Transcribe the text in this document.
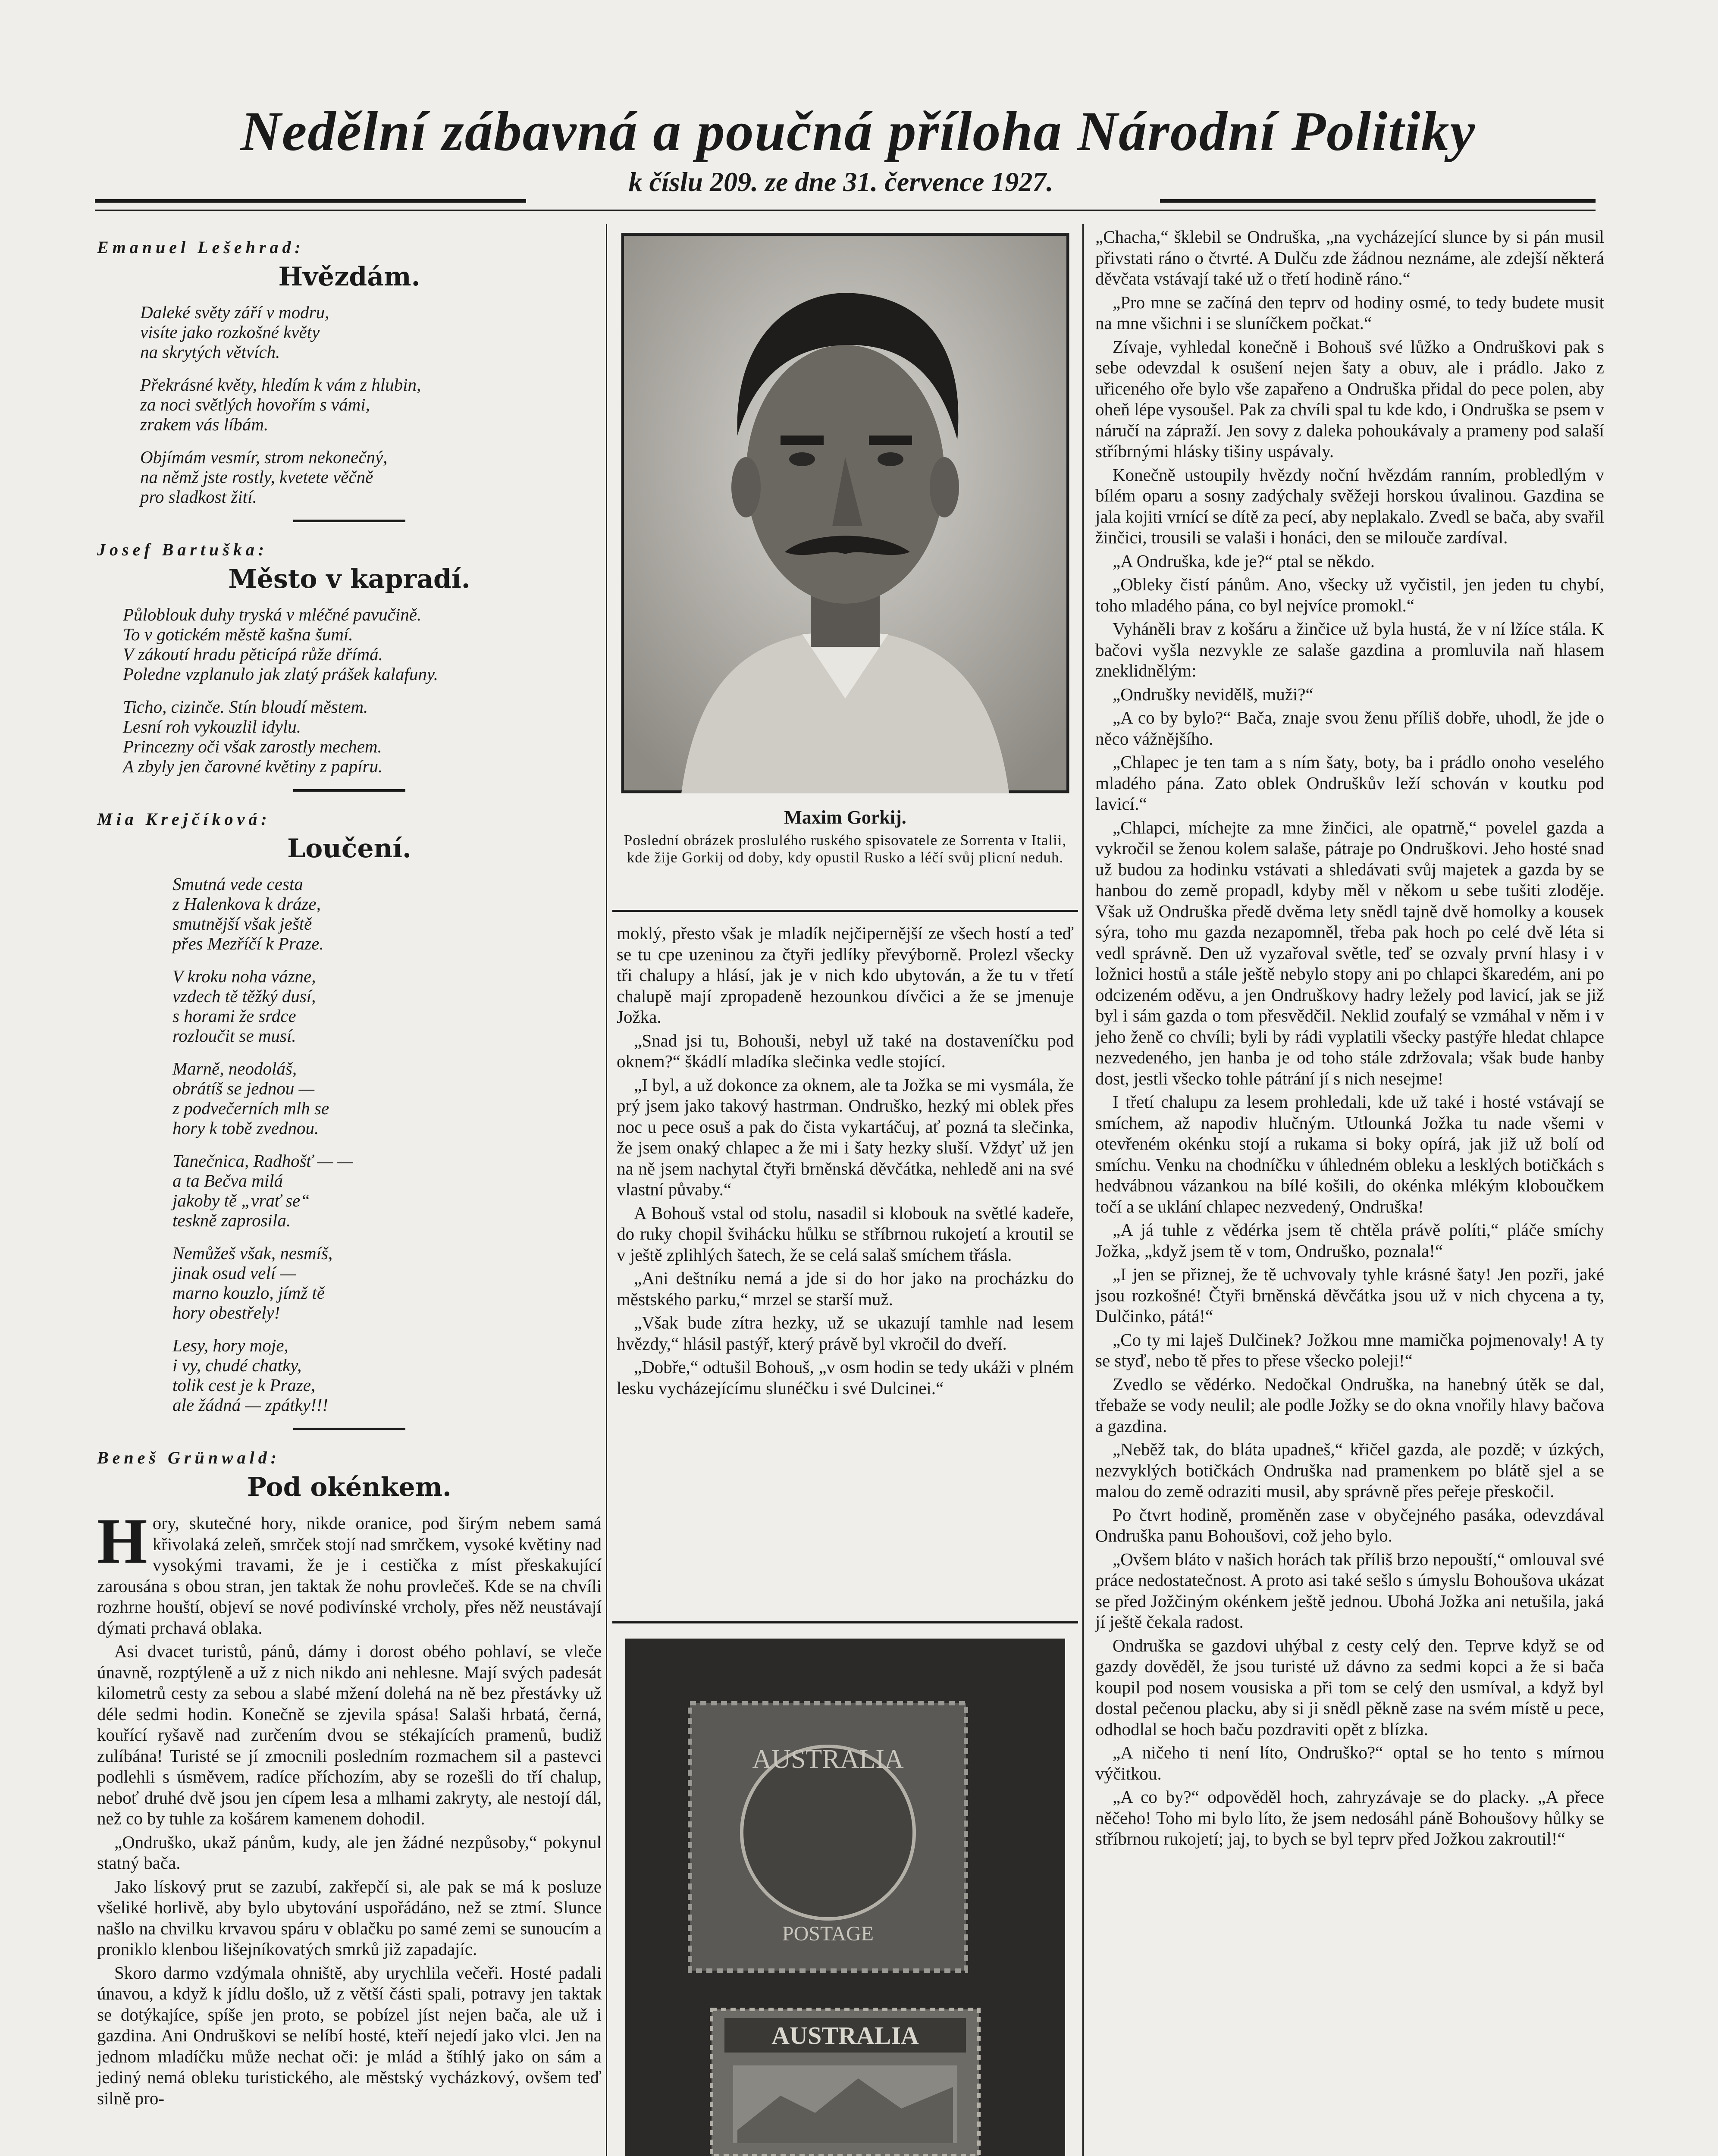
Nedělní zábavná a poučná příloha Národní Politiky
k číslu 209. ze dne 31. července 1927.
Emanuel Lešehrad:
Hvězdám.
Daleké světy září v modru,
visíte jako rozkošné květy
na skrytých větvích.
Překrásné květy, hledím k vám z hlubin,
za noci světlých hovořím s vámi,
zrakem vás líbám.
Objímám vesmír, strom nekonečný,
na němž jste rostly, kvetete věčně
pro sladkost žití.
Josef Bartuška:
Město v kapradí.
Půloblouk duhy tryská v mléčné pavučině.
To v gotickém městě kašna šumí.
V zákoutí hradu pěticípá růže dřímá.
Poledne vzplanulo jak zlatý prášek kalafuny.
Ticho, cizinče. Stín bloudí městem.
Lesní roh vykouzlil idylu.
Princezny oči však zarostly mechem.
A zbyly jen čarovné květiny z papíru.
Mia Krejčíková:
Loučení.
Smutná vede cesta
z Halenkova k dráze,
smutnější však ještě
přes Mezříčí k Praze.
V kroku noha vázne,
vzdech tě těžký dusí,
s horami že srdce
rozloučit se musí.
Marně, neodoláš,
obrátíš se jednou —
z podvečerních mlh se
hory k tobě zvednou.
Tanečnica, Radhošť — —
a ta Bečva milá
jakoby tě „vrať se“
teskně zaprosila.
Nemůžeš však, nesmíš,
jinak osud velí —
marno kouzlo, jímž tě
hory obestřely!
Lesy, hory moje,
i vy, chudé chatky,
tolik cest je k Praze,
ale žádná — zpátky!!!
Beneš Grünwald:
Pod okénkem.

Hory, skutečné hory, nikde oranice, pod širým nebem samá křivolaká zeleň, smrček stojí nad smrčkem, vysoké květiny nad vysokými travami, že je i cestička z míst přeskakující zarousána s obou stran, jen taktak že nohu provlečeš. Kde se na chvíli rozhrne houští, objeví se nové podivínské vrcholy, přes něž neustávají dýmati prchavá oblaka.

Asi dvacet turistů, pánů, dámy i dorost obého pohlaví, se vleče únavně, rozptýleně a už z nich nikdo ani nehlesne. Mají svých padesát kilometrů cesty za sebou a slabé mžení dolehá na ně bez přestávky už déle sedmi hodin. Konečně se zjevila spása! Salaši hrbatá, černá, kouřící ryšavě nad zurčením dvou se stékajících pramenů, budiž zulíbána! Turisté se jí zmocnili posledním rozmachem sil a pastevci podlehli s úsměvem, radíce příchozím, aby se rozešli do tří chalup, neboť druhé dvě jsou jen cípem lesa a mlhami zakryty, ale nestojí dál, než co by tuhle za košárem kamenem dohodil.

„Ondruško, ukaž pánům, kudy, ale jen žádné nezpůsoby,“ pokynul statný bača.

Jako lískový prut se zazubí, zakřepčí si, ale pak se má k posluze všeliké horlivě, aby bylo ubytování uspořádáno, než se ztmí. Slunce našlo na chvilku krvavou spáru v oblačku po samé zemi se sunoucím a proniklo klenbou lišejníkovatých smrků již zapadajíc.

Skoro darmo vzdýmala ohniště, aby urychlila večeři. Hosté padali únavou, a když k jídlu došlo, už z větší části spali, potravy jen taktak se dotýkajíce, spíše jen proto, se pobízel jíst nejen bača, ale už i gazdina. Ani Ondruškovi se nelíbí hosté, kteří nejedí jako vlci. Jen na jednom mladíčku může nechat oči: je mlád a štíhlý jako on sám a jediný nemá obleku turistického, ale městský vycházkový, ovšem teď silně pro-

Maxim Gorkij.
Poslední obrázek proslulého ruského spisovatele ze Sorrenta v Italii, kde žije Gorkij od doby, kdy opustil Rusko a léčí svůj plicní neduh.

moklý, přesto však je mladík nejčipernější ze všech hostí a teď se tu cpe uzeninou za čtyři jedlíky převýborně. Prolezl všecky tři chalupy a hlásí, jak je v nich kdo ubytován, a že tu v třetí chalupě mají zpropadeně hezounkou dívčici a že se jmenuje Jožka.

„Snad jsi tu, Bohouši, nebyl už také na dostaveníčku pod oknem?“ škádlí mladíka slečinka vedle stojící.

„I byl, a už dokonce za oknem, ale ta Jožka se mi vysmála, že prý jsem jako takový hastrman. Ondruško, hezký mi oblek přes noc u pece osuš a pak do čista vykartáčuj, ať pozná ta slečinka, že jsem onaký chlapec a že mi i šaty hezky sluší. Vždyť už jen na ně jsem nachytal čtyři brněnská děvčátka, nehledě ani na své vlastní půvaby.“

A Bohouš vstal od stolu, nasadil si klobouk na světlé kadeře, do ruky chopil švihácku hůlku se stříbrnou rukojetí a kroutil se v ještě zplihlých šatech, že se celá salaš smíchem třásla.

„Ani deštníku nemá a jde si do hor jako na procházku do městského parku,“ mrzel se starší muž.

„Však bude zítra hezky, už se ukazují tamhle nad lesem hvězdy,“ hlásil pastýř, který právě byl vkročil do dveří.

„Dobře,“ odtušil Bohouš, „v osm hodin se tedy ukáži v plném lesku vycházejícímu slunéčku i své Dulcinei.“

AUSTRALIA
POSTAGE
AUSTRALIA

„Chacha,“ šklebil se Ondruška, „na vycházející slunce by si pán musil přivstati ráno o čtvrté. A Dulču zde žádnou neznáme, ale zdejší některá děvčata vstávají také už o třetí hodině ráno.“

„Pro mne se začíná den teprv od hodiny osmé, to tedy budete musit na mne všichni i se sluníčkem počkat.“

Zívaje, vyhledal konečně i Bohouš své lůžko a Ondruškovi pak s sebe odevzdal k osušení nejen šaty a obuv, ale i prádlo. Jako z uřiceného oře bylo vše zapařeno a Ondruška přidal do pece polen, aby oheň lépe vysoušel. Pak za chvíli spal tu kde kdo, i Ondruška se psem v náručí na zápraží. Jen sovy z daleka pohoukávaly a prameny pod salaší stříbrnými hlásky tišiny uspávaly.

Konečně ustoupily hvězdy noční hvězdám ranním, probledlým v bílém oparu a sosny zadýchaly svěžeji horskou úvalinou. Gazdina se jala kojiti vrnící se dítě za pecí, aby neplakalo. Zvedl se bača, aby svařil žinčici, trousili se valaši i honáci, den se milouče zardíval.

„A Ondruška, kde je?“ ptal se někdo.

„Obleky čistí pánům. Ano, všecky už vyčistil, jen jeden tu chybí, toho mladého pána, co byl nejvíce promokl.“

Vyháněli brav z košáru a žinčice už byla hustá, že v ní lžíce stála. K bačovi vyšla nezvykle ze salaše gazdina a promluvila naň hlasem zneklidnělým:

„Ondrušky nevidělš, muži?“

„A co by bylo?“ Bača, znaje svou ženu příliš dobře, uhodl, že jde o něco vážnějšího.

„Chlapec je ten tam a s ním šaty, boty, ba i prádlo onoho veselého mladého pána. Zato oblek Ondruškův leží schován v koutku pod lavicí.“

„Chlapci, míchejte za mne žinčici, ale opatrně,“ povelel gazda a vykročil se ženou kolem salaše, pátraje po Ondruškovi. Jeho hosté snad už budou za hodinku vstávati a shledávati svůj majetek a gazda by se hanbou do země propadl, kdyby měl v někom u sebe tušiti zloděje. Však už Ondruška předě dvěma lety snědl tajně dvě homolky a kousek sýra, toho mu gazda nezapomněl, třeba pak hoch po celé dvě léta si vedl správně. Den už vyzařoval světle, teď se ozvaly první hlasy i v ložnici hostů a stále ještě nebylo stopy ani po chlapci škaredém, ani po odcizeném oděvu, a jen Ondruškovy hadry ležely pod lavicí, jak se již byl i sám gazda o tom přesvědčil. Neklid zoufalý se vzmáhal v něm i v jeho ženě co chvíli; byli by rádi vyplatili všecky pastýře hledat chlapce nezvedeného, jen hanba je od toho stále zdržovala; však bude hanby dost, jestli všecko tohle pátrání jí s nich nesejme!

I třetí chalupu za lesem prohledali, kde už také i hosté vstávají se smíchem, až napodiv hlučným. Utlounká Jožka tu nade všemi v otevřeném okénku stojí a rukama si boky opírá, jak již už bolí od smíchu. Venku na chodníčku v úhledném obleku a lesklých botičkách s hedvábnou vázankou na bílé košili, do okénka mlékým kloboučkem točí a se uklání chlapec nezvedený, Ondruška!

„A já tuhle z vědérka jsem tě chtěla právě políti,“ pláče smíchy Jožka, „když jsem tě v tom, Ondruško, poznala!“

„I jen se přiznej, že tě uchvovaly tyhle krásné šaty! Jen pozři, jaké jsou rozkošné! Čtyři brněnská děvčátka jsou už v nich chycena a ty, Dulčinko, pátá!“

„Co ty mi laješ Dulčinek? Jožkou mne mamička pojmenovaly! A ty se styď, nebo tě přes to přese všecko poleji!“

Zvedlo se vědérko. Nedočkal Ondruška, na hanebný útěk se dal, třebaže se vody neulil; ale podle Jožky se do okna vnořily hlavy bačova a gazdina.

„Neběž tak, do bláta upadneš,“ křičel gazda, ale pozdě; v úzkých, nezvyklých botičkách Ondruška nad pramenkem po blátě sjel a se malou do země odraziti musil, aby správně přes peřeje přeskočil.

Po čtvrt hodině, proměněn zase v obyčejného pasáka, odevzdával Ondruška panu Bohoušovi, což jeho bylo.

„Ovšem bláto v našich horách tak příliš brzo nepouští,“ omlouval své práce nedostatečnost. A proto asi také sešlo s úmyslu Bohoušova ukázat se před Jožčiným okénkem ještě jednou. Ubohá Jožka ani netušila, jaká jí ještě čekala radost.

Ondruška se gazdovi uhýbal z cesty celý den. Teprve když se od gazdy dověděl, že jsou turisté už dávno za sedmi kopci a že si bača koupil pod nosem vousiska a při tom se celý den usmíval, a když byl dostal pečenou placku, aby si ji snědl pěkně zase na svém místě u pece, odhodlal se hoch baču pozdraviti opět z blízka.

„A ničeho ti není líto, Ondruško?“ optal se ho tento s mírnou výčitkou.

„A co by?“ odpověděl hoch, zahryzávaje se do placky. „A přece něčeho! Toho mi bylo líto, že jsem nedosáhl páně Bohoušovy hůlky se stříbrnou rukojetí; jaj, to bych se byl teprv před Jožkou zakroutil!“
